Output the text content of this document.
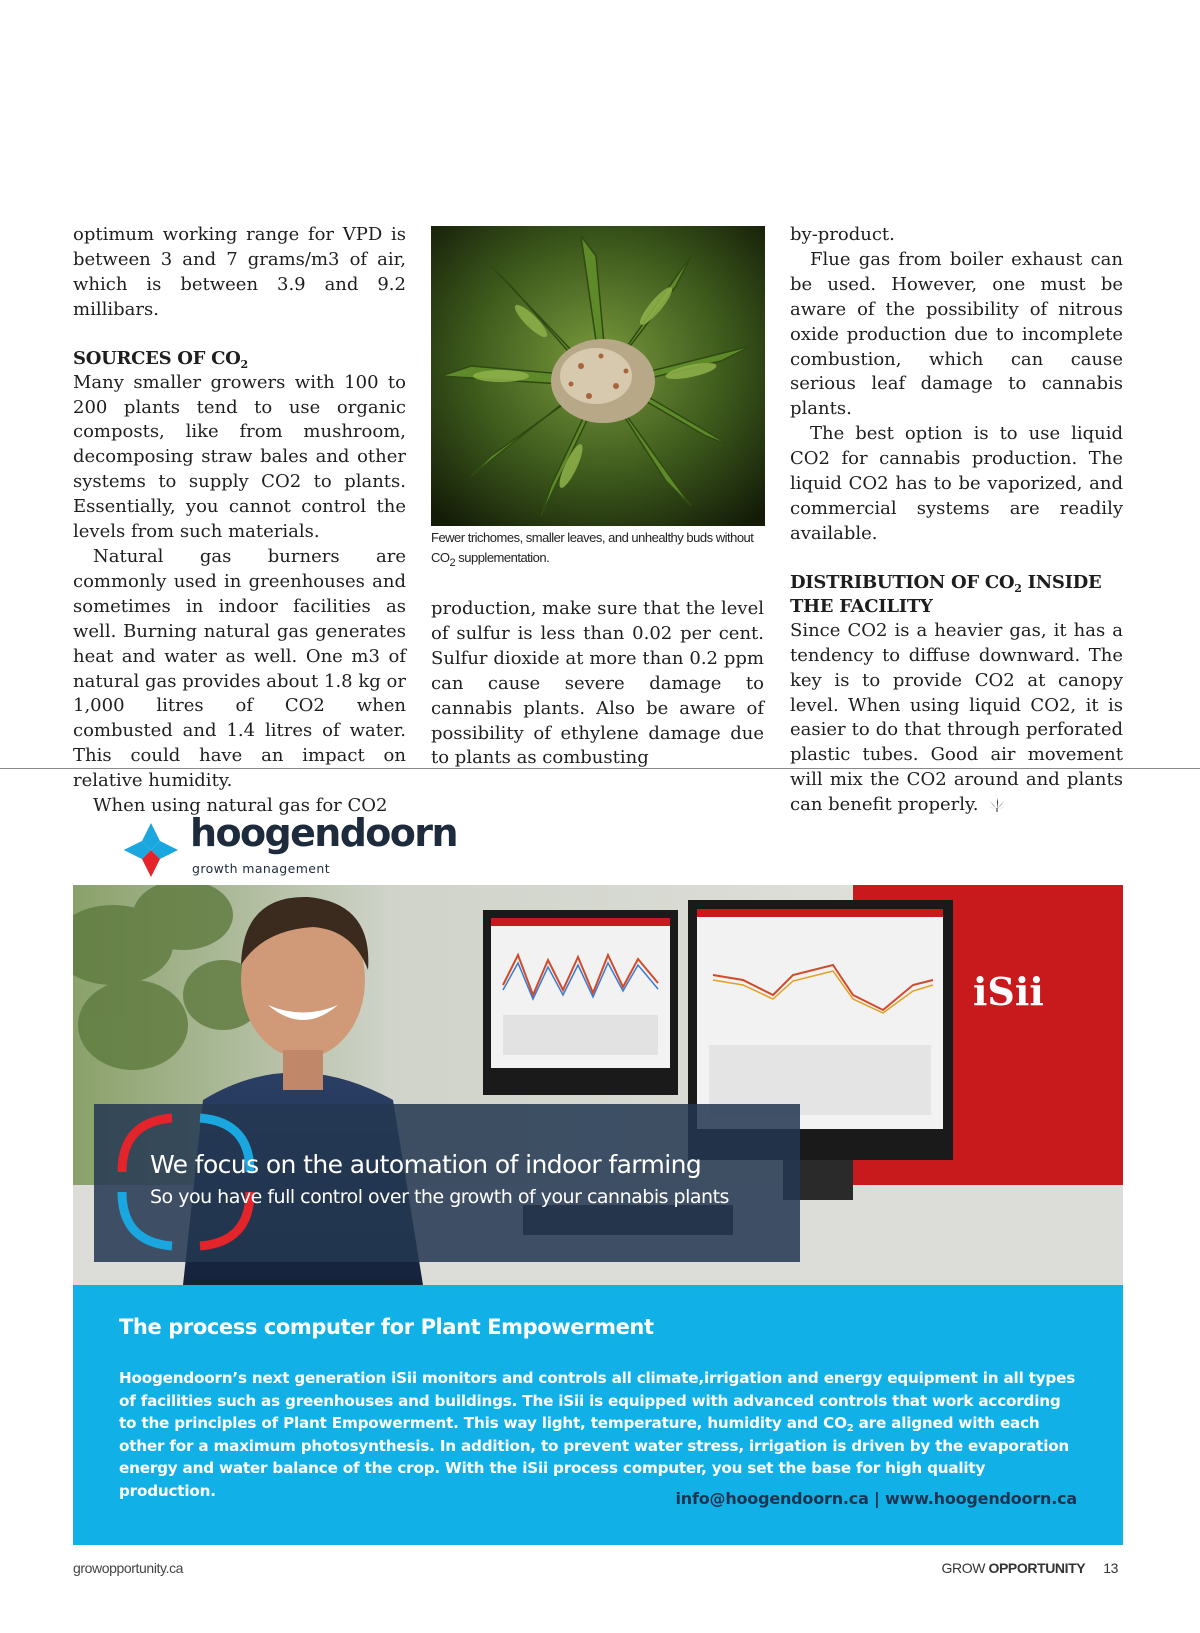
optimum working range for VPD is between 3 and 7 grams/m3 of air, which is between 3.9 and 9.2 millibars.

SOURCES OF $CO_2$

Many smaller growers with 100 to 200 plants tend to use organic composts, like from mushroom, decomposing straw bales and other systems to supply CO2 to plants. Essentially, you cannot control the levels from such materials.

Natural gas burners are commonly used in greenhouses and sometimes in indoor facilities as well. Burning natural gas generates heat and water as well. One m3 of natural gas provides about 1.8 kg or 1,000 litres of CO2 when combusted and 1.4 litres of water. This could have an impact on relative humidity.

When using natural gas for CO2

Fewer trichomes, smaller leaves, and unhealthy buds without $CO_2$ supplementation.

production, make sure that the level of sulfur is less than 0.02 per cent. Sulfur dioxide at more than 0.2 ppm can cause severe damage to cannabis plants. Also be aware of possibility of ethylene damage due to plants as combusting

by-product.

Flue gas from boiler exhaust can be used. However, one must be aware of the possibility of nitrous oxide production due to incomplete combustion, which can cause serious leaf damage to cannabis plants.

The best option is to use liquid CO2 for cannabis production. The liquid CO2 has to be vaporized, and commercial systems are readily available.

DISTRIBUTION OF $CO_2$ INSIDE THE FACILITY

Since CO2 is a heavier gas, it has a tendency to diffuse downward. The key is to provide CO2 at canopy level. When using liquid CO2, it is easier to do that through perforated plastic tubes. Good air movement will mix the CO2 around and plants can benefit properly.

hoogendoorn
growth management
iSii
We focus on the automation of indoor farming
So you have full control over the growth of your cannabis plants
The process computer for Plant Empowerment
Hoogendoorn’s next generation iSii monitors and controls all climate,irrigation and energy equipment in all types of facilities such as greenhouses and buildings. The iSii is equipped with advanced controls that work according to the principles of Plant Empowerment. This way light, temperature, humidity and $CO_2$ are aligned with each other for a maximum photosynthesis. In addition, to prevent water stress, irrigation is driven by the evaporation energy and water balance of the crop. With the iSii process computer, you set the base for high quality production.	info@hoogendoorn.ca | www.hoogendoorn.ca
growopportunity.ca	GROW OPPORTUNITY 13
